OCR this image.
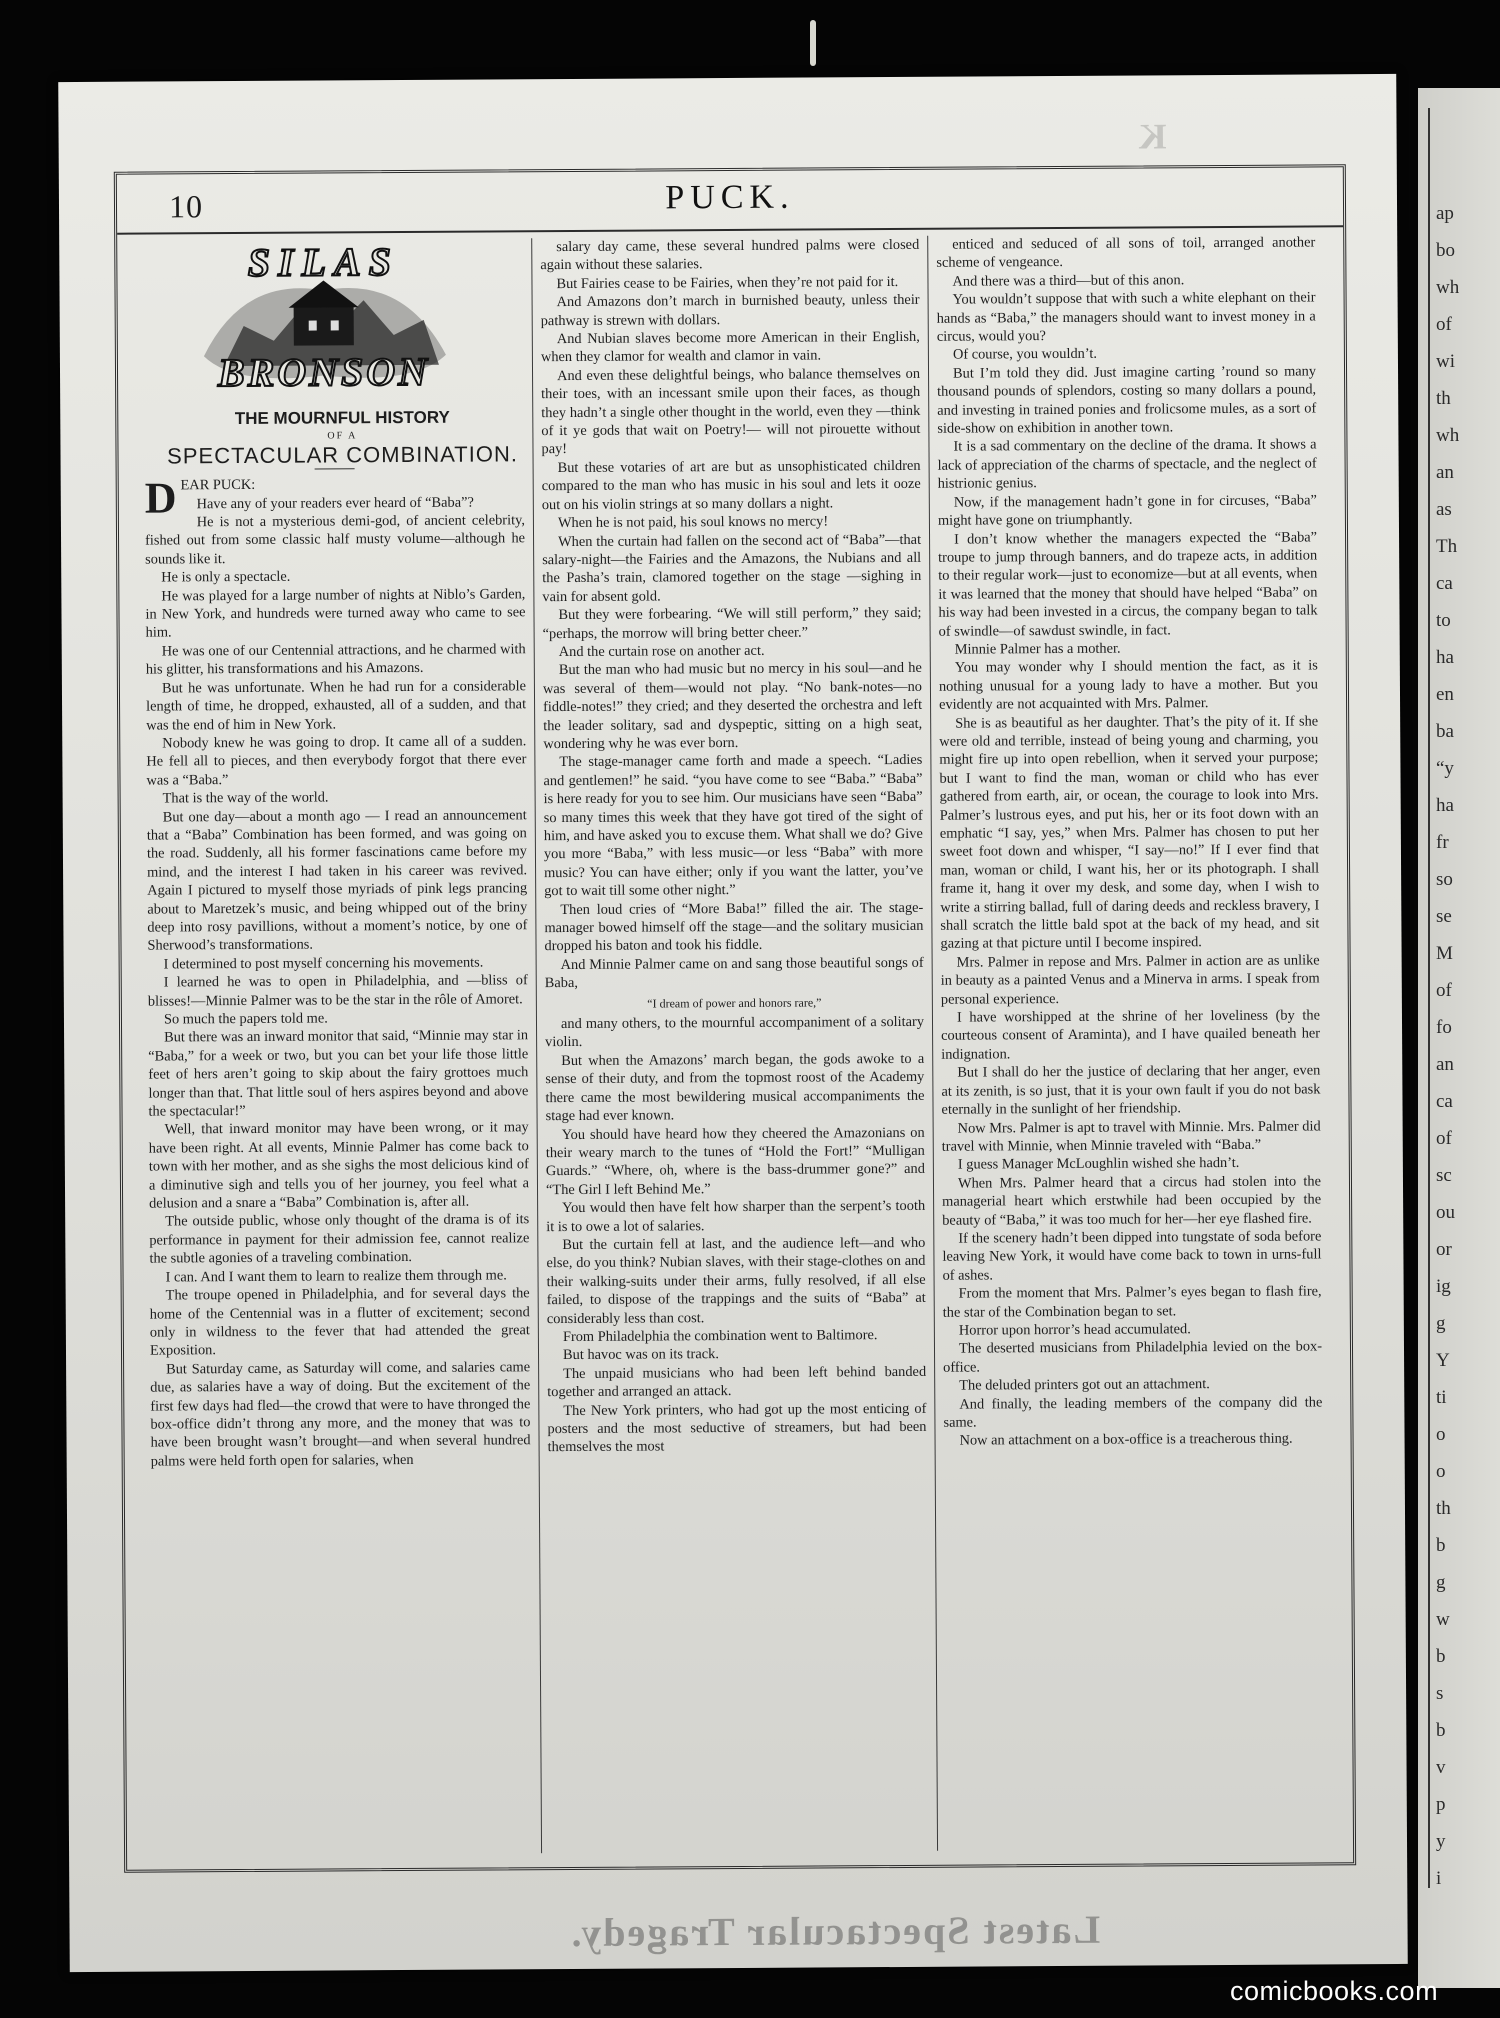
ap
bo
wh
of
wi
th
wh
an
as
Th
ca
to
ha
en
ba
“y
ha
fr
so
se
M
of
fo
an
ca
of
sc
ou
or
ig
g
Y
ti
o
o
th
b
g
w
b
s
b
v
p
y
i
K
10	PUCK.
SILAS
BRONSON

THE MOURNFUL HISTORY

OF A

SPECTACULAR COMBINATION.

DEAR PUCK:

Have any of your readers ever heard of “Baba”?

He is not a mysterious demi-god, of ancient celebrity, fished out from some classic half musty volume—although he sounds like it.

He is only a spectacle.

He was played for a large number of nights at Niblo’s Garden, in New York, and hundreds were turned away who came to see him.

He was one of our Centennial attractions, and he charmed with his glitter, his transformations and his Amazons.

But he was unfortunate. When he had run for a considerable length of time, he dropped, exhausted, all of a sudden, and that was the end of him in New York.

Nobody knew he was going to drop. It came all of a sudden. He fell all to pieces, and then everybody forgot that there ever was a “Baba.”

That is the way of the world.

But one day—about a month ago — I read an announcement that a “Baba” Combination has been formed, and was going on the road. Suddenly, all his former fascinations came before my mind, and the interest I had taken in his career was revived. Again I pictured to myself those myriads of pink legs prancing about to Maretzek’s music, and being whipped out of the briny deep into rosy pavillions, without a moment’s notice, by one of Sherwood’s transformations.

I determined to post myself concerning his movements.

I learned he was to open in Philadelphia, and —bliss of blisses!—Minnie Palmer was to be the star in the rôle of Amoret.

So much the papers told me.

But there was an inward monitor that said, “Minnie may star in “Baba,” for a week or two, but you can bet your life those little feet of hers aren’t going to skip about the fairy grottoes much longer than that. That little soul of hers aspires beyond and above the spectacular!”

Well, that inward monitor may have been wrong, or it may have been right. At all events, Minnie Palmer has come back to town with her mother, and as she sighs the most delicious kind of a diminutive sigh and tells you of her journey, you feel what a delusion and a snare a “Baba” Combination is, after all.

The outside public, whose only thought of the drama is of its performance in payment for their admission fee, cannot realize the subtle agonies of a traveling combination.

I can. And I want them to learn to realize them through me.

The troupe opened in Philadelphia, and for several days the home of the Centennial was in a flutter of excitement; second only in wildness to the fever that had attended the great Exposition.

But Saturday came, as Saturday will come, and salaries came due, as salaries have a way of doing. But the excitement of the first few days had fled—the crowd that were to have thronged the box-office didn’t throng any more, and the money that was to have been brought wasn’t brought—and when several hundred palms were held forth open for salaries, when

salary day came, these several hundred palms were closed again without these salaries.

But Fairies cease to be Fairies, when they’re not paid for it.

And Amazons don’t march in burnished beauty, unless their pathway is strewn with dollars.

And Nubian slaves become more American in their English, when they clamor for wealth and clamor in vain.

And even these delightful beings, who balance themselves on their toes, with an incessant smile upon their faces, as though they hadn’t a single other thought in the world, even they —think of it ye gods that wait on Poetry!— will not pirouette without pay!

But these votaries of art are but as unsophisticated children compared to the man who has music in his soul and lets it ooze out on his violin strings at so many dollars a night.

When he is not paid, his soul knows no mercy!

When the curtain had fallen on the second act of “Baba”—that salary-night—the Fairies and the Amazons, the Nubians and all the Pasha’s train, clamored together on the stage —sighing in vain for absent gold.

But they were forbearing. “We will still perform,” they said; “perhaps, the morrow will bring better cheer.”

And the curtain rose on another act.

But the man who had music but no mercy in his soul—and he was several of them—would not play. “No bank-notes—no fiddle-notes!” they cried; and they deserted the orchestra and left the leader solitary, sad and dyspeptic, sitting on a high seat, wondering why he was ever born.

The stage-manager came forth and made a speech. “Ladies and gentlemen!” he said. “you have come to see “Baba.” “Baba” is here ready for you to see him. Our musicians have seen “Baba” so many times this week that they have got tired of the sight of him, and have asked you to excuse them. What shall we do? Give you more “Baba,” with less music—or less “Baba” with more music? You can have either; only if you want the latter, you’ve got to wait till some other night.”

Then loud cries of “More Baba!” filled the air. The stage-manager bowed himself off the stage—and the solitary musician dropped his baton and took his fiddle.

And Minnie Palmer came on and sang those beautiful songs of Baba,

“I dream of power and honors rare,”

and many others, to the mournful accompaniment of a solitary violin.

But when the Amazons’ march began, the gods awoke to a sense of their duty, and from the topmost roost of the Academy there came the most bewildering musical accompaniments the stage had ever known.

You should have heard how they cheered the Amazonians on their weary march to the tunes of “Hold the Fort!” “Mulligan Guards.” “Where, oh, where is the bass-drummer gone?” and “The Girl I left Behind Me.”

You would then have felt how sharper than the serpent’s tooth it is to owe a lot of salaries.

But the curtain fell at last, and the audience left—and who else, do you think? Nubian slaves, with their stage-clothes on and their walking-suits under their arms, fully resolved, if all else failed, to dispose of the trappings and the suits of “Baba” at considerably less than cost.

From Philadelphia the combination went to Baltimore.

But havoc was on its track.

The unpaid musicians who had been left behind banded together and arranged an attack.

The New York printers, who had got up the most enticing of posters and the most seductive of streamers, but had been themselves the most

enticed and seduced of all sons of toil, arranged another scheme of vengeance.

And there was a third—but of this anon.

You wouldn’t suppose that with such a white elephant on their hands as “Baba,” the managers should want to invest money in a circus, would you?

Of course, you wouldn’t.

But I’m told they did. Just imagine carting ’round so many thousand pounds of splendors, costing so many dollars a pound, and investing in trained ponies and frolicsome mules, as a sort of side-show on exhibition in another town.

It is a sad commentary on the decline of the drama. It shows a lack of appreciation of the charms of spectacle, and the neglect of histrionic genius.

Now, if the management hadn’t gone in for circuses, “Baba” might have gone on triumphantly.

I don’t know whether the managers expected the “Baba” troupe to jump through banners, and do trapeze acts, in addition to their regular work—just to economize—but at all events, when it was learned that the money that should have helped “Baba” on his way had been invested in a circus, the company began to talk of swindle—of sawdust swindle, in fact.

Minnie Palmer has a mother.

You may wonder why I should mention the fact, as it is nothing unusual for a young lady to have a mother. But you evidently are not acquainted with Mrs. Palmer.

She is as beautiful as her daughter. That’s the pity of it. If she were old and terrible, instead of being young and charming, you might fire up into open rebellion, when it served your purpose; but I want to find the man, woman or child who has ever gathered from earth, air, or ocean, the courage to look into Mrs. Palmer’s lustrous eyes, and put his, her or its foot down with an emphatic “I say, yes,” when Mrs. Palmer has chosen to put her sweet foot down and whisper, “I say—no!” If I ever find that man, woman or child, I want his, her or its photograph. I shall frame it, hang it over my desk, and some day, when I wish to write a stirring ballad, full of daring deeds and reckless bravery, I shall scratch the little bald spot at the back of my head, and sit gazing at that picture until I become inspired.

Mrs. Palmer in repose and Mrs. Palmer in action are as unlike in beauty as a painted Venus and a Minerva in arms. I speak from personal experience.

I have worshipped at the shrine of her loveliness (by the courteous consent of Araminta), and I have quailed beneath her indignation.

But I shall do her the justice of declaring that her anger, even at its zenith, is so just, that it is your own fault if you do not bask eternally in the sunlight of her friendship.

Now Mrs. Palmer is apt to travel with Minnie. Mrs. Palmer did travel with Minnie, when Minnie traveled with “Baba.”

I guess Manager McLoughlin wished she hadn’t.

When Mrs. Palmer heard that a circus had stolen into the managerial heart which erstwhile had been occupied by the beauty of “Baba,” it was too much for her—her eye flashed fire.

If the scenery hadn’t been dipped into tungstate of soda before leaving New York, it would have come back to town in urns-full of ashes.

From the moment that Mrs. Palmer’s eyes began to flash fire, the star of the Combination began to set.

Horror upon horror’s head accumulated.

The deserted musicians from Philadelphia levied on the box-office.

The deluded printers got out an attachment.

And finally, the leading members of the company did the same.

Now an attachment on a box-office is a treacherous thing.

Latest Spectacular Tragedy.
comicbooks.com
